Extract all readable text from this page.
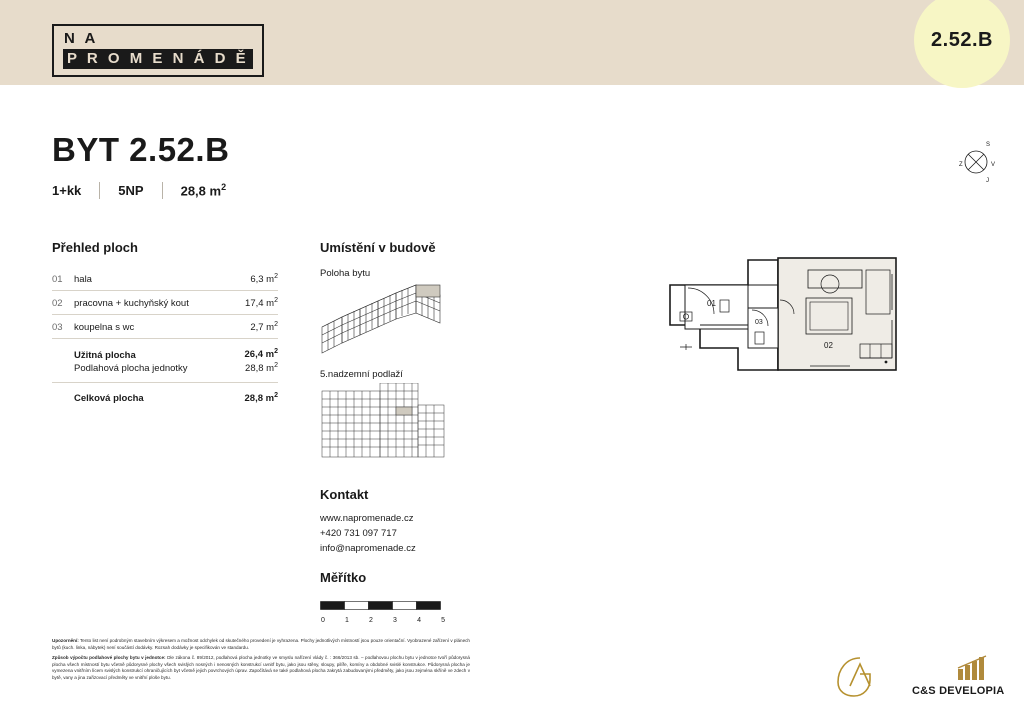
N A
P R O M E N Á D Ě
2.52.B
BYT 2.52.B
1+kk	5NP	28,8 $m^2$
Přehled ploch
01	hala	6,3 $m^2$
02	pracovna + kuchyňský kout	17,4 $m^2$
03	koupelna s wc	2,7 $m^2$
	Užitná plocha	26,4 $m^2$
	Podlahová plocha jednotky	28,8 $m^2$
	Celková plocha	28,8 $m^2$
Umístění v budově
Poloha bytu
5.nadzemní podlaží
Kontakt
www.napromenade.cz
+420 731 097 717
info@napromenade.cz
Měřítko
0	1	2	3	4	5
S
J
Z	V
01
02
03

Upozornění: Tento list není podrobným stavebním výkresem a možnost odchylek od skutečného provedení je vyhrazena. Plochy jednotlivých místností jsou pouze orientační. Vyobrazené zařízení v plánech bytů (kuch. linka, nábytek) není součástí dodávky. Rozsah dodávky je specifikován ve standardu.

Způsob výpočtu podlahové plochy bytu v jednotce: Dle zákona č. 89/2012, podlahová plocha jednotky ve smyslu nařízení vlády č. : 366/2013 sb. – podlahovou plochu bytu v jednotce tvoří půdorysná plocha všech místností bytu včetně půdorysné plochy všech svislých nosných i nenosných konstrukcí uvnitř bytu, jako jsou stěny, sloupy, pilíře, komíny a obdobné svislé konstrukce. Půdorysná plocha je vymezena vnitřním lícem svislých konstrukcí ohraničujících byt včetně jejich povrchových úprav. Započítává se také podlahová plocha zakrytá zabudovanými předměty, jako jsou zejména skříně ve zdech v bytě, vany a jina zařizovací předměty ve vnitřní ploše bytu.

C&S DEVELOPIA
